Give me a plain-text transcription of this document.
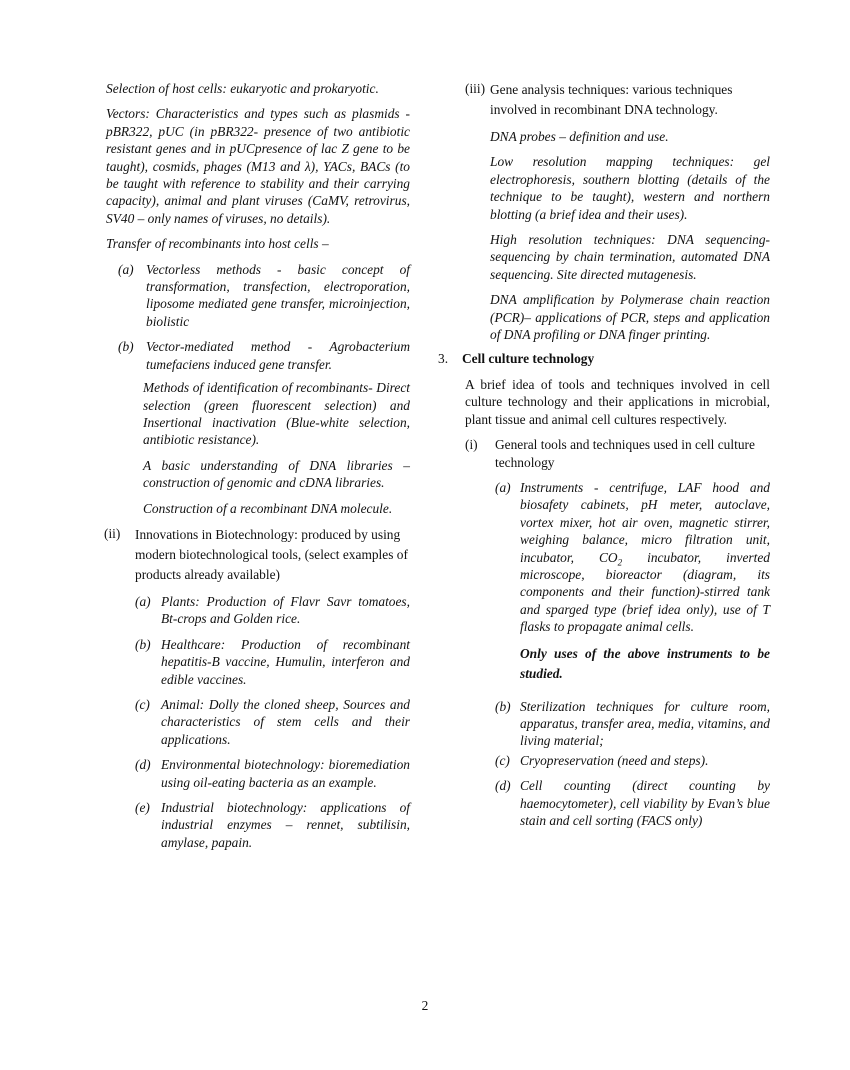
Selection of host cells: eukaryotic and prokaryotic.

Vectors: Characteristics and types such as plasmids -pBR322, pUC (in pBR322- presence of two antibiotic resistant genes and in pUCpresence of lac Z gene to be taught), cosmids, phages (M13 and λ), YACs, BACs (to be taught with reference to stability and their carrying capacity), animal and plant viruses (CaMV, retrovirus, SV40 – only names of viruses, no details).

Transfer of recombinants into host cells –

(a) Vectorless methods - basic concept of transformation, transfection, electroporation, liposome mediated gene transfer, microinjection, biolistic
(b) Vector-mediated method - Agrobacterium tumefaciens induced gene transfer.

Methods of identification of recombinants- Direct selection (green fluorescent selection) and Insertional inactivation (Blue-white selection, antibiotic resistance).

A basic understanding of DNA libraries – construction of genomic and cDNA libraries.

Construction of a recombinant DNA molecule.

(ii)	Innovations in Biotechnology: produced by using modern biotechnological tools, (select examples of products already available)
(a) Plants: Production of Flavr Savr tomatoes, Bt-crops and Golden rice.
(b) Healthcare: Production of recombinant hepatitis-B vaccine, Humulin, interferon and edible vaccines.
(c) Animal: Dolly the cloned sheep, Sources and characteristics of stem cells and their applications.
(d) Environmental biotechnology: bioremediation using oil-eating bacteria as an example.
(e) Industrial biotechnology: applications of industrial enzymes – rennet, subtilisin, amylase, papain.
(iii) Gene analysis techniques: various techniques involved in recombinant DNA technology.

DNA probes – definition and use.

Low resolution mapping techniques: gel electrophoresis, southern blotting (details of the technique to be taught), western and northern blotting (a brief idea and their uses).

High resolution techniques: DNA sequencing- sequencing by chain termination, automated DNA sequencing. Site directed mutagenesis.

DNA amplification by Polymerase chain reaction (PCR)– applications of PCR, steps and application of DNA profiling or DNA finger printing.

3.	Cell culture technology

A brief idea of tools and techniques involved in cell culture technology and their applications in microbial, plant tissue and animal cell cultures respectively.

(i)	General tools and techniques used in cell culture technology
(a) Instruments - centrifuge, LAF hood and biosafety cabinets, pH meter, autoclave, vortex mixer, hot air oven, magnetic stirrer, weighing balance, micro filtration unit, incubator, $CO_2$ incubator, inverted microscope, bioreactor (diagram, its components and their function)-stirred tank and sparged type (brief idea only), use of T flasks to propagate animal cells.

Only uses of the above instruments to be studied.

(b) Sterilization techniques for culture room, apparatus, transfer area, media, vitamins, and living material;
(c) Cryopreservation (need and steps).
(d) Cell counting (direct counting by haemocytometer), cell viability by Evan’s blue stain and cell sorting (FACS only)
2
